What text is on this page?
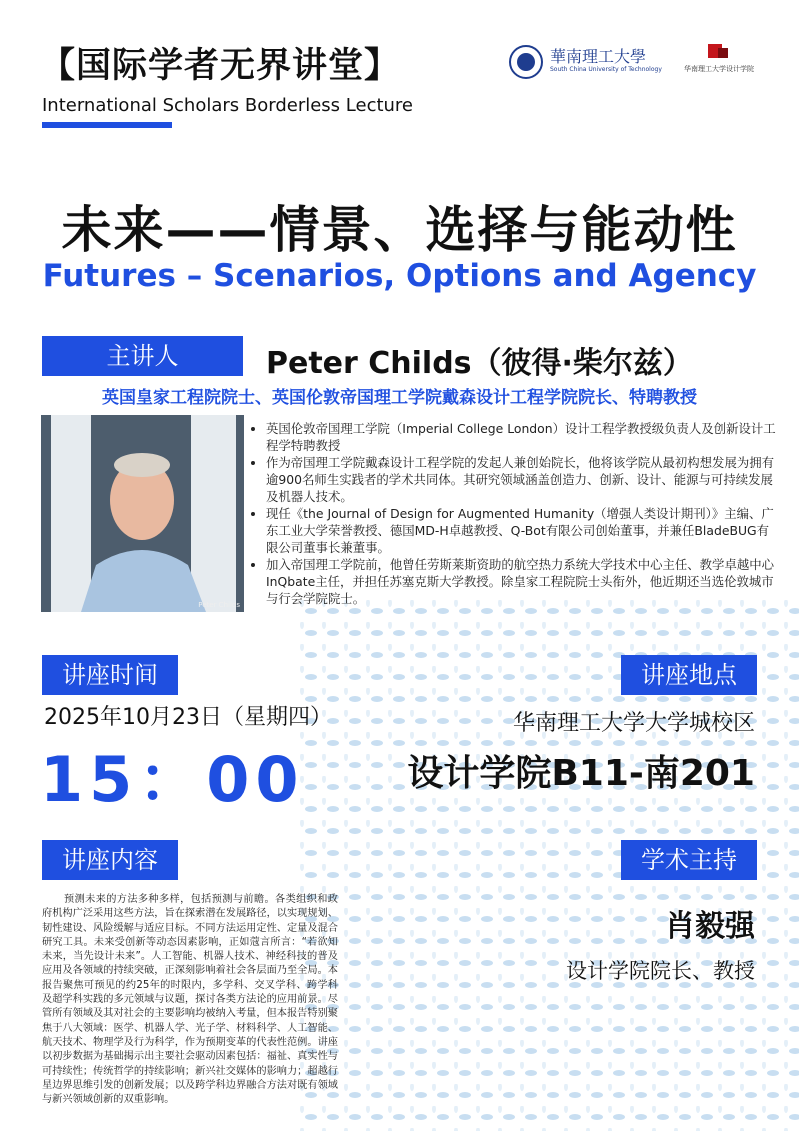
【国际学者无界讲堂】
International Scholars Borderless Lecture
華南理工大學
South China University of Technology	华南理工大学设计学院
未来——情景、选择与能动性
Futures – Scenarios, Options and Agency
主讲人	Peter Childs（彼得·柴尔兹）
英国皇家工程院院士、英国伦敦帝国理工学院戴森设计工程学院院长、特聘教授
Peter Childs
• 英国伦敦帝国理工学院（Imperial College London）设计工程学教授级负责人及创新设计工程学特聘教授
• 作为帝国理工学院戴森设计工程学院的发起人兼创始院长，他将该学院从最初构想发展为拥有逾900名师生实践者的学术共同体。其研究领域涵盖创造力、创新、设计、能源与可持续发展及机器人技术。
• 现任《the Journal of Design for Augmented Humanity（增强人类设计期刊）》主编、广东工业大学荣誉教授、德国MD-H卓越教授、Q-Bot有限公司创始董事，并兼任BladeBUG有限公司董事长兼董事。
• 加入帝国理工学院前，他曾任劳斯莱斯资助的航空热力系统大学技术中心主任、教学卓越中心InQbate主任，并担任苏塞克斯大学教授。除皇家工程院院士头衔外，他近期还当选伦敦城市与行会学院院士。
讲座时间	讲座地点
2025年10月23日（星期四）
15：00
华南理工大学大学城校区
设计学院B11-南201
讲座内容	学术主持
预测未来的方法多种多样，包括预测与前瞻。各类组织和政府机构广泛采用这些方法，旨在探索潜在发展路径，以实现规划、韧性建设、风险缓解与适应目标。不同方法运用定性、定量及混合研究工具。未来受创新等动态因素影响，正如蔻言所言：“若欲知未来，当先设计未来”。人工智能、机器人技术、神经科技的普及应用及各领域的持续突破，正深刻影响着社会各层面乃至全局。本报告聚焦可预见的约25年的时限内，多学科、交叉学科、跨学科及超学科实践的多元领域与议题，探讨各类方法论的应用前景。尽管所有领域及其对社会的主要影响均被纳入考量，但本报告特别聚焦于八大领域：医学、机器人学、光子学、材料科学、人工智能、航天技术、物理学及行为科学，作为预期变革的代表性范例。讲座以初步数据为基础揭示出主要社会驱动因素包括：福祉、真实性与可持续性；传统哲学的持续影响；新兴社交媒体的影响力；超越行星边界思维引发的创新发展；以及跨学科边界融合方法对既有领域与新兴领域创新的双重影响。
肖毅强
设计学院院长、教授
